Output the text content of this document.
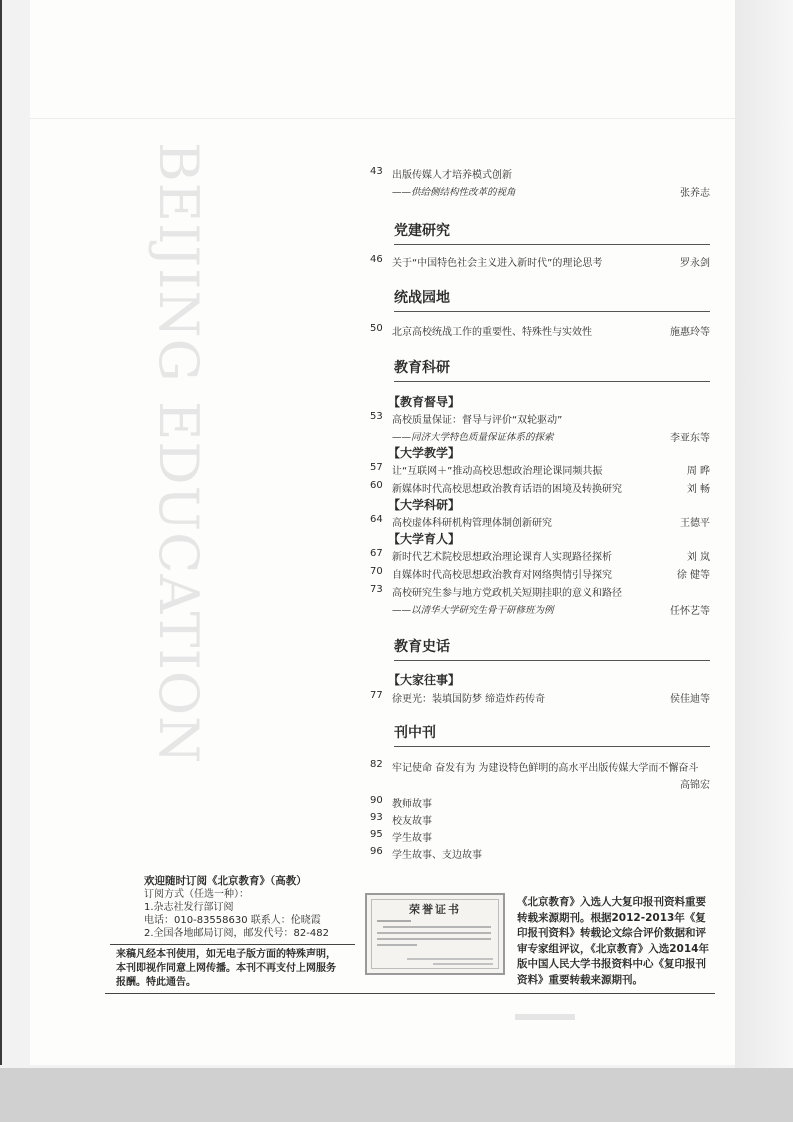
BEIJING EDUCATION	43 出版传媒人才培养模式创新
——供给侧结构性改革的视角	张养志
党建研究
46 关于“中国特色社会主义进入新时代”的理论思考	罗永剑
统战园地
50 北京高校统战工作的重要性、特殊性与实效性	施惠玲等
教育科研
【教育督导】
53 高校质量保证：督导与评价“双轮驱动”
——同济大学特色质量保证体系的探索	李亚东等
【大学教学】
57 让“互联网＋”推动高校思想政治理论课同频共振	周 晔
60 新媒体时代高校思想政治教育话语的困境及转换研究	刘 畅
【大学科研】
64 高校虚体科研机构管理体制创新研究	王德平
【大学育人】
67 新时代艺术院校思想政治理论课育人实现路径探析	刘 岚
70 自媒体时代高校思想政治教育对网络舆情引导探究	徐 健等
73 高校研究生参与地方党政机关短期挂职的意义和路径
——以清华大学研究生骨干研修班为例	任怀艺等
教育史话
【大家往事】
77 徐更光：装填国防梦 缔造炸药传奇	侯佳迪等
刊中刊
82 牢记使命 奋发有为 为建设特色鲜明的高水平出版传媒大学而不懈奋斗
高锦宏
90 教师故事
93 校友故事
95 学生故事
96 学生故事、支边故事
欢迎随时订阅《北京教育》（高教）
订阅方式（任选一种）：
1.杂志社发行部订阅
电话：010-83558630 联系人：伦晓霞
2.全国各地邮局订阅，邮发代号：82-482
来稿凡经本刊使用，如无电子版方面的特殊声明，本刊即视作同意上网传播。本刊不再支付上网服务报酬。特此通告。
荣誉证书
《北京教育》入选人大复印报刊资料重要转载来源期刊。根据2012-2013年《复印报刊资料》转载论文综合评价数据和评审专家组评议，《北京教育》入选2014年版中国人民大学书报资料中心《复印报刊资料》重要转载来源期刊。
